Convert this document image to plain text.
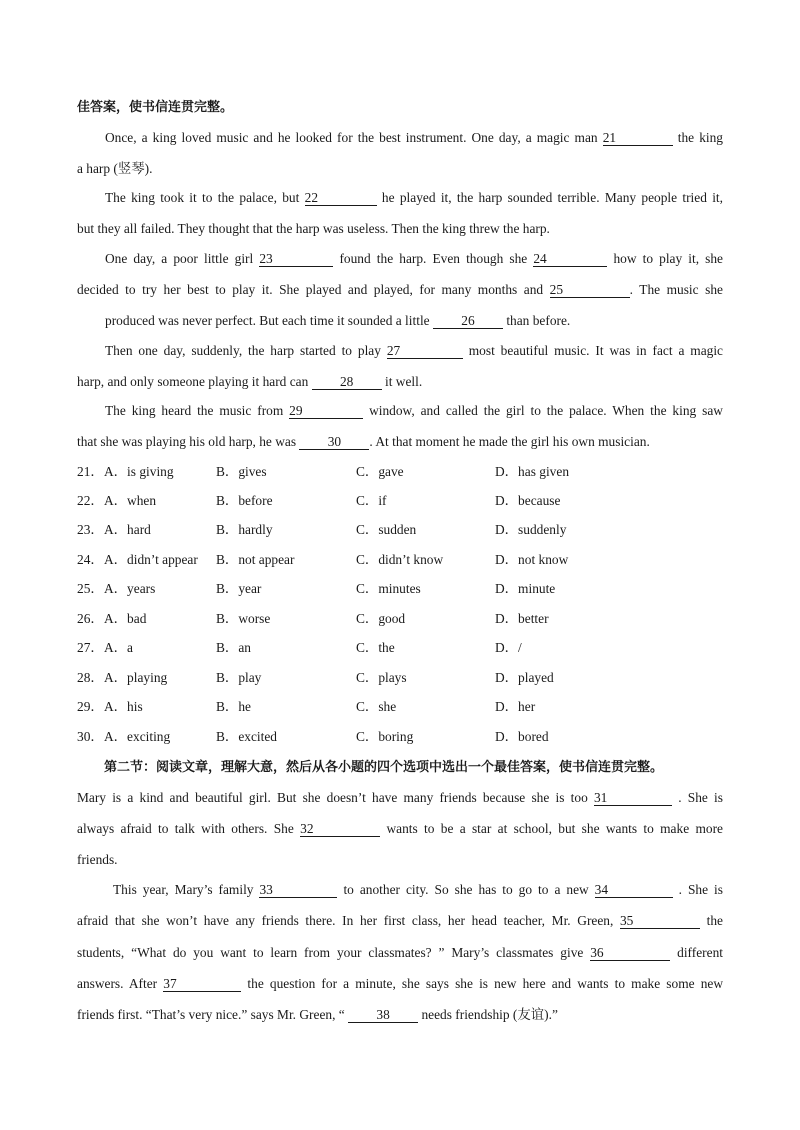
佳答案，使书信连贯完整。
Once, a king loved music and he looked for the best instrument. One day, a magic man 21	the king
a harp (竖琴).
The king took it to the palace, but 22	he played it, the harp sounded terrible. Many people tried it,
but they all failed. They thought that the harp was useless. Then the king threw the harp.
One day, a poor little girl 23	found the harp. Even though she 24	how to play it, she
decided to try her best to play it. She played and played, for many months and 25	. The music she
produced was never perfect. But each time it sounded a little 26 than before.
Then one day, suddenly, the harp started to play 27	most beautiful music. It was in fact a magic
harp, and only someone playing it hard can 28 it well.
The king heard the music from 29	window, and called the girl to the palace. When the king saw
that she was playing his old harp, he was 30 . At that moment he made the girl his own musician.
21． A．is giving	B．gives	C．gave	D．has given
22． A．when	B．before	C．if	D．because
23． A．hard	B．hardly	C．sudden	D．suddenly
24． A．didn’t appear B．not appear	C．didn’t know	D．not know
25． A．years	B．year	C．minutes	D．minute
26． A．bad	B．worse	C．good	D．better
27． A．a	B．an	C．the	D．/
28． A．playing	B．play	C．plays	D．played
29． A．his	B．he	C．she	D．her
30． A．exciting	B．excited	C．boring	D．bored
第二节：阅读文章，理解大意，然后从各小题的四个选项中选出一个最佳答案，使书信连贯完整。
Mary is a kind and beautiful girl. But she doesn’t have many friends because she is too 31	. She is
always afraid to talk with others. She 32	wants to be a star at school, but she wants to make more
friends.
This year, Mary’s family 33	to another city. So she has to go to a new 34	. She is
afraid that she won’t have any friends there. In her first class, her head teacher, Mr. Green, 35	the
students, “What do you want to learn from your classmates? ” Mary’s classmates give 36	different
answers. After 37	the question for a minute, she says she is new here and wants to make some new
friends first. “That’s very nice.” says Mr. Green, “ 38 needs friendship (友谊).”
